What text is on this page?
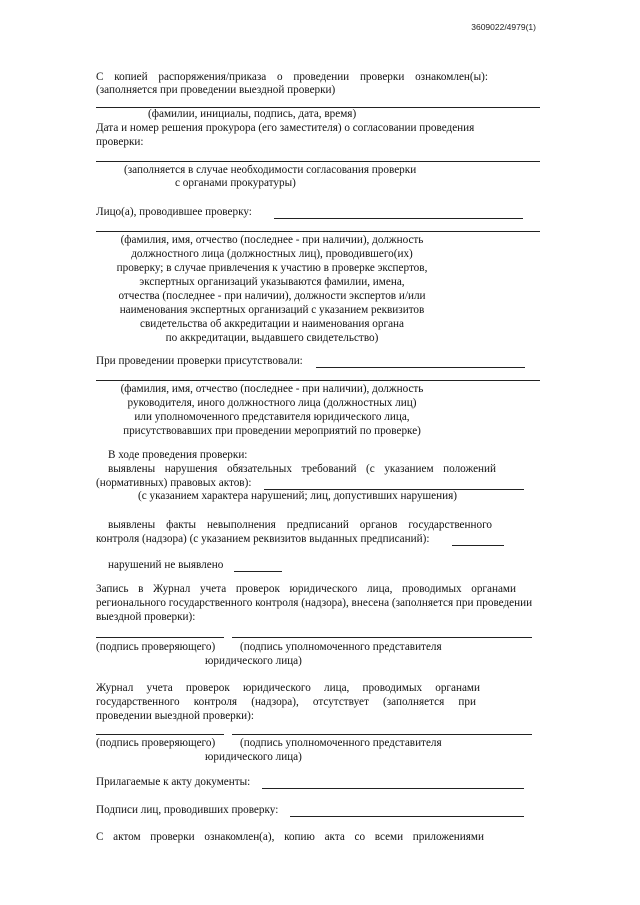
3609022/4979(1)
С копией распоряжения/приказа о проведении проверки ознакомлен(ы):
(заполняется при проведении выездной проверки)
(фамилии, инициалы, подпись, дата, время)
Дата и номер решения прокурора (его заместителя) о согласовании проведения
проверки:
(заполняется в случае необходимости согласования проверки
с органами прокуратуры)
Лицо(а), проводившее проверку:
(фамилия, имя, отчество (последнее - при наличии), должность
должностного лица (должностных лиц), проводившего(их)
проверку; в случае привлечения к участию в проверке экспертов,
экспертных организаций указываются фамилии, имена,
отчества (последнее - при наличии), должности экспертов и/или
наименования экспертных организаций с указанием реквизитов
свидетельства об аккредитации и наименования органа
по аккредитации, выдавшего свидетельство)
При проведении проверки присутствовали:
(фамилия, имя, отчество (последнее - при наличии), должность
руководителя, иного должностного лица (должностных лиц)
или уполномоченного представителя юридического лица,
присутствовавших при проведении мероприятий по проверке)
В ходе проведения проверки:
выявлены нарушения обязательных требований (с указанием положений
(нормативных) правовых актов):
(с указанием характера нарушений; лиц, допустивших нарушения)
выявлены факты невыполнения предписаний органов государственного
контроля (надзора) (с указанием реквизитов выданных предписаний):
нарушений не выявлено
Запись в Журнал учета проверок юридического лица, проводимых органами
регионального государственного контроля (надзора), внесена (заполняется при проведении
выездной проверки):
(подпись проверяющего) (подпись уполномоченного представителя
юридического лица)
Журнал учета проверок юридического лица, проводимых органами
государственного контроля (надзора), отсутствует (заполняется при
проведении выездной проверки):
(подпись проверяющего) (подпись уполномоченного представителя
юридического лица)
Прилагаемые к акту документы:
Подписи лиц, проводивших проверку:
С актом проверки ознакомлен(а), копию акта со всеми приложениями
